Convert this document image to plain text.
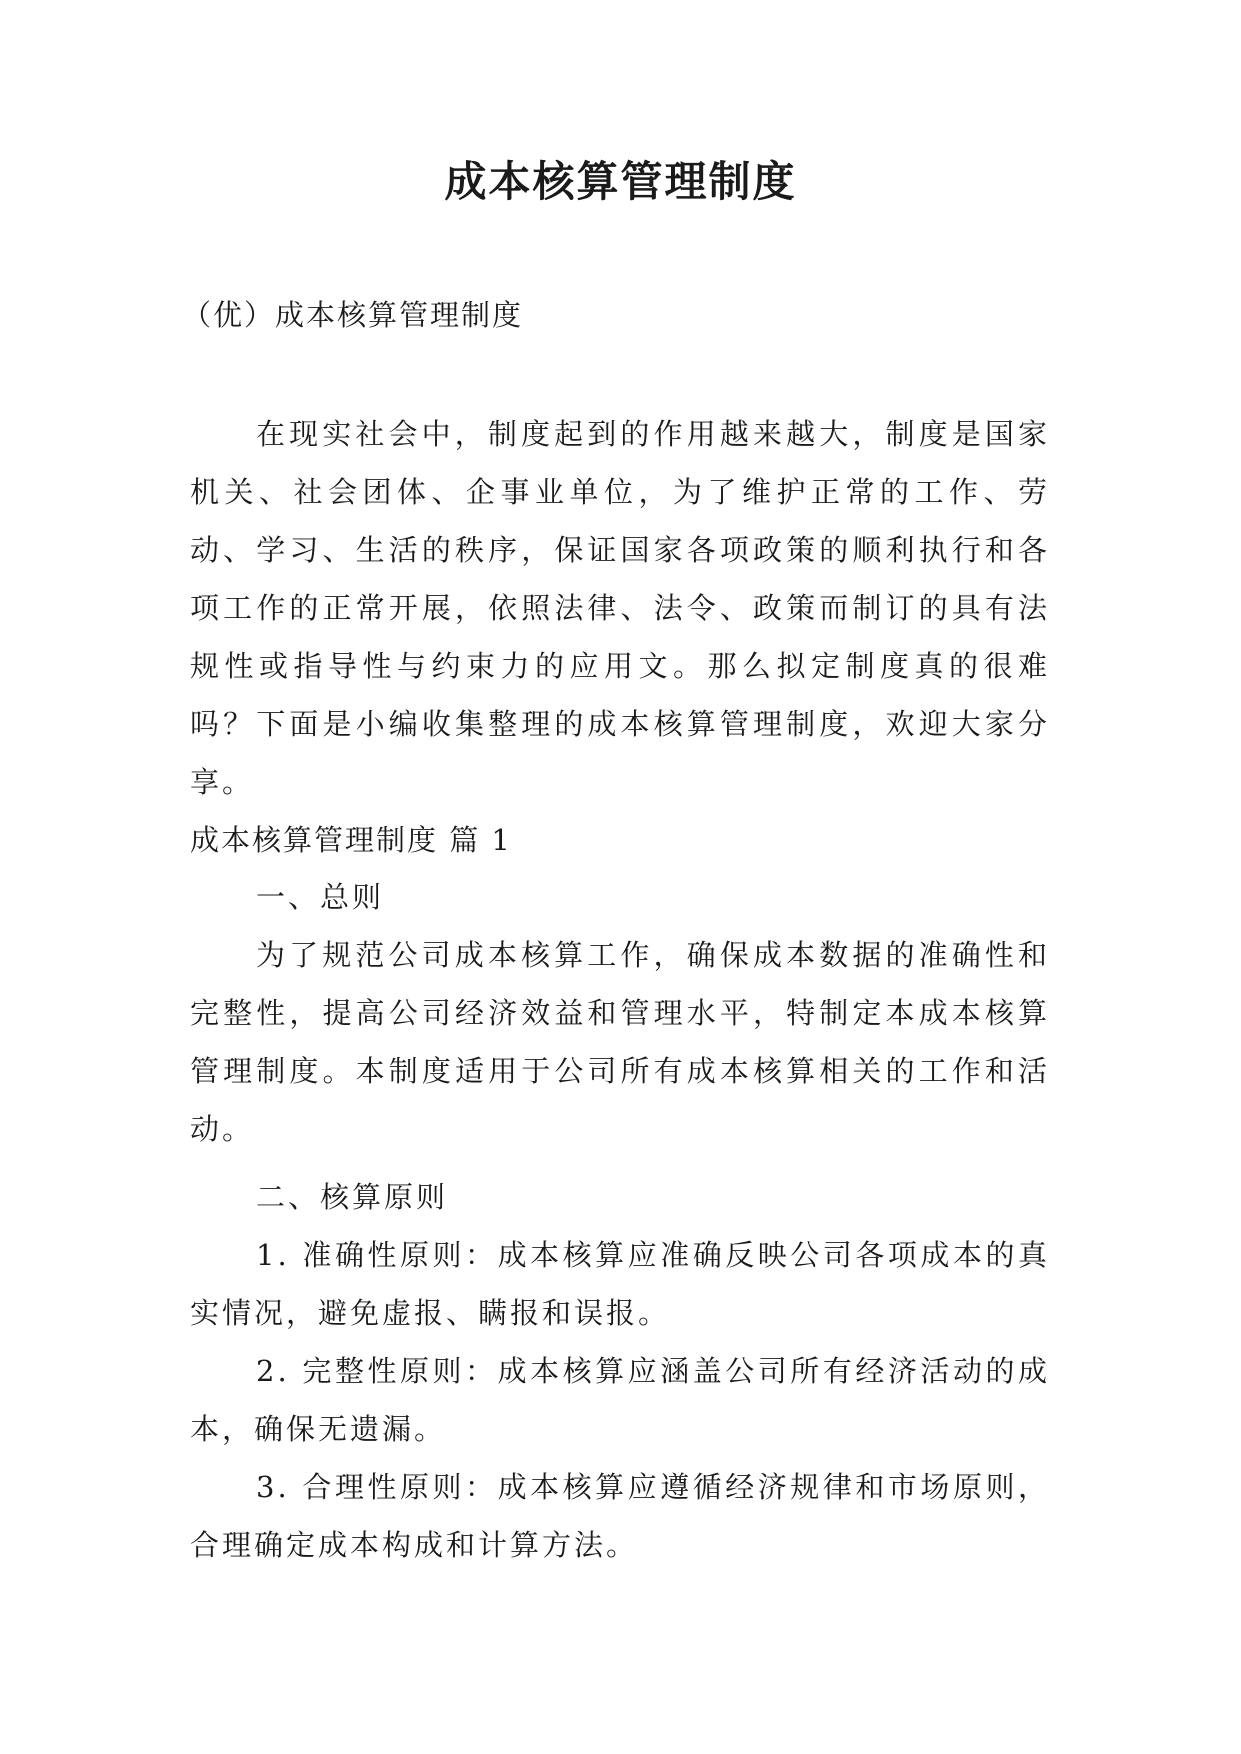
成本核算管理制度

（优）成本核算管理制度

在现实社会中，制度起到的作用越来越大，制度是国家机关、社会团体、企事业单位，为了维护正常的工作、劳动、学习、生活的秩序，保证国家各项政策的顺利执行和各项工作的正常开展，依照法律、法令、政策而制订的具有法规性或指导性与约束力的应用文。那么拟定制度真的很难吗？下面是小编收集整理的成本核算管理制度，欢迎大家分享。

成本核算管理制度 篇 1

一、总则

为了规范公司成本核算工作，确保成本数据的准确性和完整性，提高公司经济效益和管理水平，特制定本成本核算管理制度。本制度适用于公司所有成本核算相关的工作和活动。

二、核算原则

1. 准确性原则：成本核算应准确反映公司各项成本的真实情况，避免虚报、瞒报和误报。

2. 完整性原则：成本核算应涵盖公司所有经济活动的成本，确保无遗漏。

3. 合理性原则：成本核算应遵循经济规律和市场原则，合理确定成本构成和计算方法。
